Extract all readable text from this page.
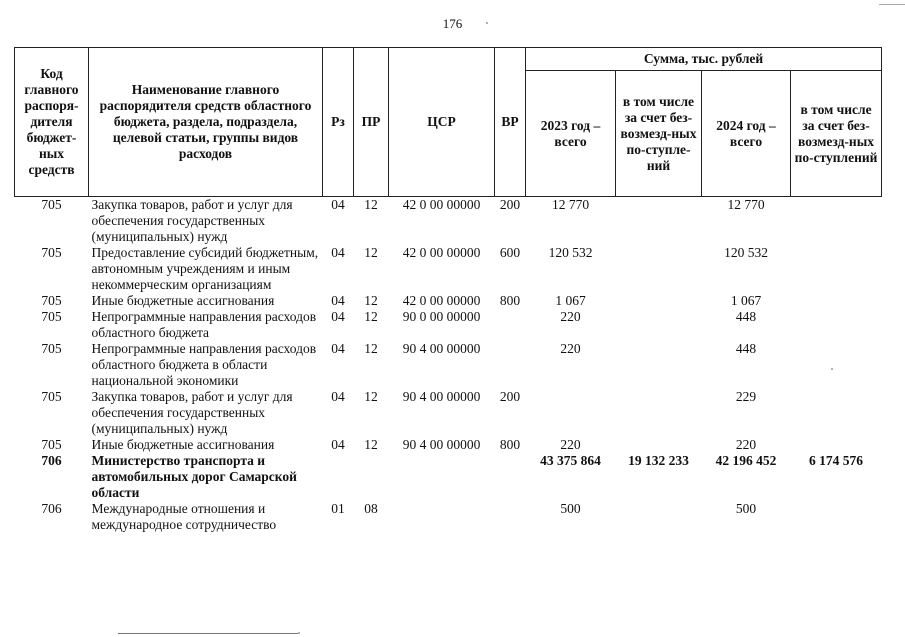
176
Код главного распоря-дителя бюджет-ных средств	Наименование главного распорядителя средств областного бюджета, раздела, подраздела, целевой статьи, группы видов расходов	Рз	ПР	ЦСР	ВР	Сумма, тыс. рублей			
						2023 год – всего	в том числе за счет без-возмезд-ных по-ступле-ний	2024 год – всего	в том числе за счет без-возмезд-ных по-ступлений
705	Закупка товаров, работ и услуг для обеспечения государственных (муниципальных) нужд	04	12	42 0 00 00000	200	12 770		12 770	
705	Предоставление субсидий бюджетным, автономным учреждениям и иным некоммерческим организациям	04	12	42 0 00 00000	600	120 532		120 532	
705	Иные бюджетные ассигнования	04	12	42 0 00 00000	800	1 067		1 067	
705	Непрограммные направления расходов областного бюджета	04	12	90 0 00 00000		220		448	
705	Непрограммные направления расходов областного бюджета в области национальной экономики	04	12	90 4 00 00000		220		448	
705	Закупка товаров, работ и услуг для обеспечения государственных (муниципальных) нужд	04	12	90 4 00 00000	200			229	
705	Иные бюджетные ассигнования	04	12	90 4 00 00000	800	220		220	
706	Министерство транспорта и автомобильных дорог Самарской области					43 375 864	19 132 233	42 196 452	6 174 576
706	Международные отношения и международное сотрудничество	01	08			500		500	
